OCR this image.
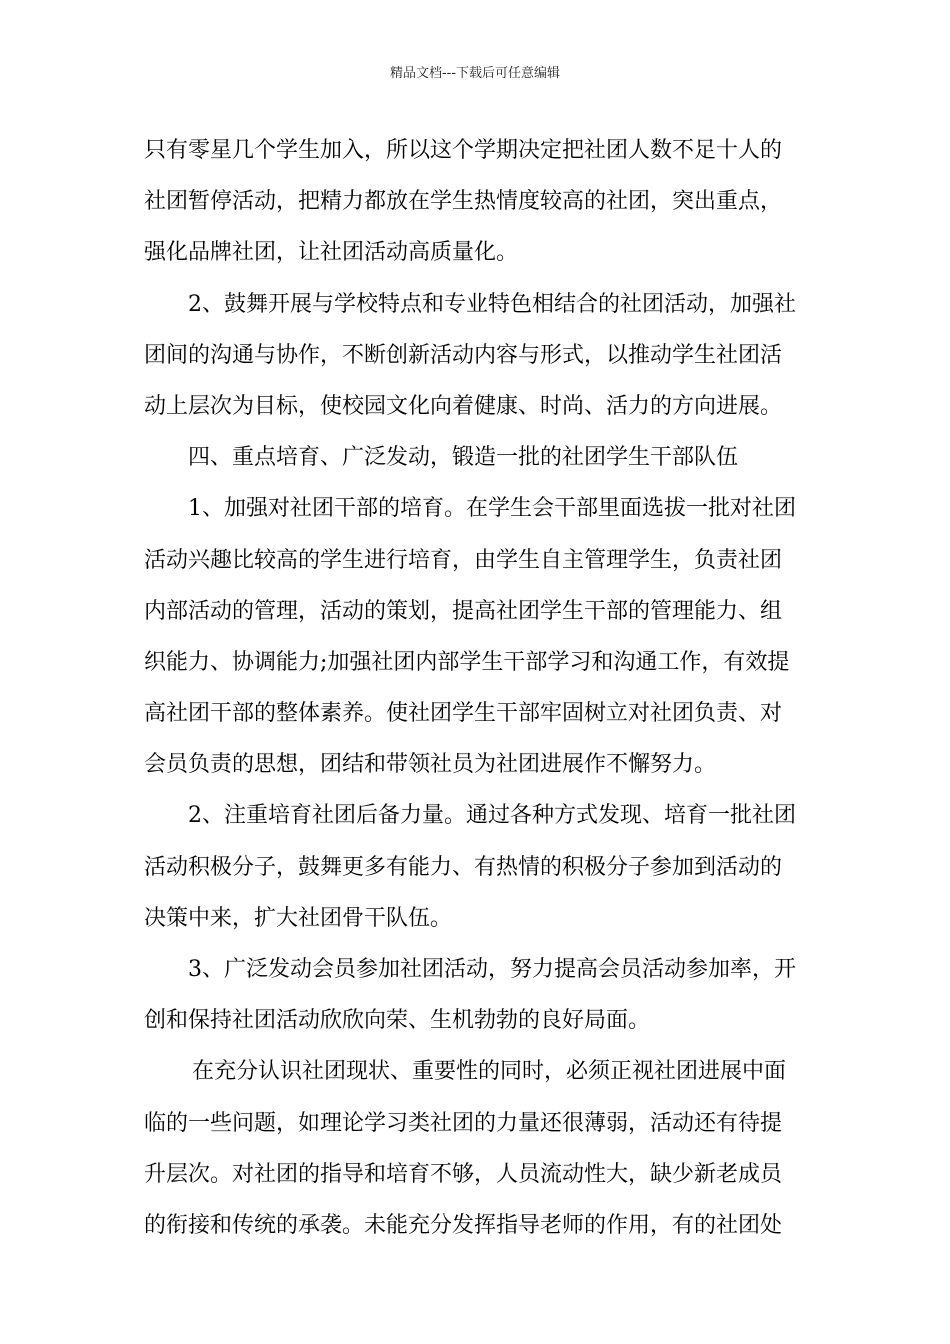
精品文档---下载后可任意编辑
只有零星几个学生加入，所以这个学期决定把社团人数不足十人的
社团暂停活动，把精力都放在学生热情度较高的社团，突出重点，
强化品牌社团，让社团活动高质量化。
2、鼓舞开展与学校特点和专业特色相结合的社团活动，加强社
团间的沟通与协作，不断创新活动内容与形式，以推动学生社团活
动上层次为目标，使校园文化向着健康、时尚、活力的方向进展。
四、重点培育、广泛发动，锻造一批的社团学生干部队伍
1、加强对社团干部的培育。在学生会干部里面选拔一批对社团
活动兴趣比较高的学生进行培育，由学生自主管理学生，负责社团
内部活动的管理，活动的策划，提高社团学生干部的管理能力、组
织能力、协调能力;加强社团内部学生干部学习和沟通工作，有效提
高社团干部的整体素养。使社团学生干部牢固树立对社团负责、对
会员负责的思想，团结和带领社员为社团进展作不懈努力。
2、注重培育社团后备力量。通过各种方式发现、培育一批社团
活动积极分子，鼓舞更多有能力、有热情的积极分子参加到活动的
决策中来，扩大社团骨干队伍。
3、广泛发动会员参加社团活动，努力提高会员活动参加率，开
创和保持社团活动欣欣向荣、生机勃勃的良好局面。
在充分认识社团现状、重要性的同时，必须正视社团进展中面
临的一些问题，如理论学习类社团的力量还很薄弱，活动还有待提
升层次。对社团的指导和培育不够，人员流动性大，缺少新老成员
的衔接和传统的承袭。未能充分发挥指导老师的作用，有的社团处
